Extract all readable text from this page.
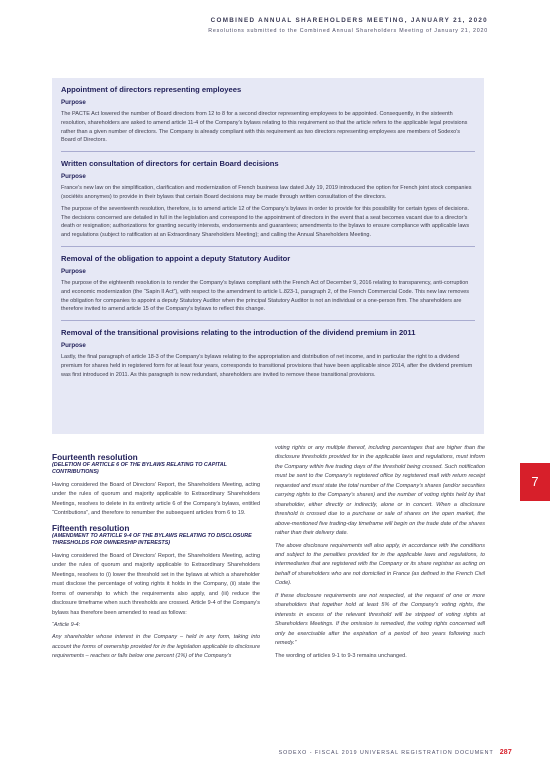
COMBINED ANNUAL SHAREHOLDERS MEETING, JANUARY 21, 2020
Resolutions submitted to the Combined Annual Shareholders Meeting of January 21, 2020
Appointment of directors representing employees
Purpose

The PACTE Act lowered the number of Board directors from 12 to 8 for a second director representing employees to be appointed. Consequently, in the sixteenth resolution, shareholders are asked to amend article 11-4 of the Company’s bylaws relating to this requirement so that the article refers to the applicable legal provisions rather than a given number of directors. The Company is already compliant with this requirement as two directors representing employees are members of Sodexo’s Board of Directors.

Written consultation of directors for certain Board decisions
Purpose

France’s new law on the simplification, clarification and modernization of French business law dated July 19, 2019 introduced the option for French joint stock companies (sociétés anonymes) to provide in their bylaws that certain Board decisions may be made through written consultation of the directors.

The purpose of the seventeenth resolution, therefore, is to amend article 12 of the Company’s bylaws in order to provide for this possibility for certain types of decisions. The decisions concerned are detailed in full in the legislation and correspond to the appointment of directors in the event that a seat becomes vacant due to a director’s death or resignation; authorizations for granting security interests, endorsements and guarantees; amendments to the bylaws to ensure compliance with applicable laws and regulations (subject to ratification at an Extraordinary Shareholders Meeting); and calling the Annual Shareholders Meeting.

Removal of the obligation to appoint a deputy Statutory Auditor
Purpose

The purpose of the eighteenth resolution is to render the Company’s bylaws compliant with the French Act of December 9, 2016 relating to transparency, anti-corruption and economic modernization (the “Sapin II Act”), with respect to the amendment to article L.823-1, paragraph 2, of the French Commercial Code. This new law removes the obligation for companies to appoint a deputy Statutory Auditor when the principal Statutory Auditor is not an individual or a one-person firm. The shareholders are therefore invited to amend article 15 of the Company’s bylaws to reflect this change.

Removal of the transitional provisions relating to the introduction of the dividend premium in 2011
Purpose

Lastly, the final paragraph of article 18-3 of the Company’s bylaws relating to the appropriation and distribution of net income, and in particular the right to a dividend premium for shares held in registered form for at least four years, corresponds to transitional provisions that have been applicable since 2014, after the dividend premium was first introduced in 2011. As this paragraph is now redundant, shareholders are invited to remove these transitional provisions.

Fourteenth resolution
(DELETION OF ARTICLE 6 OF THE BYLAWS RELATING TO CAPITAL CONTRIBUTIONS)

Having considered the Board of Directors’ Report, the Shareholders Meeting, acting under the rules of quorum and majority applicable to Extraordinary Shareholders Meetings, resolves to delete in its entirety article 6 of the Company’s bylaws, entitled “Contributions”, and therefore to renumber the subsequent articles from 6 to 19.

Fifteenth resolution
(AMENDMENT TO ARTICLE 9-4 OF THE BYLAWS RELATING TO DISCLOSURE THRESHOLDS FOR OWNERSHIP INTERESTS)

Having considered the Board of Directors’ Report, the Shareholders Meeting, acting under the rules of quorum and majority applicable to Extraordinary Shareholders Meetings, resolves to (i) lower the threshold set in the bylaws at which a shareholder must disclose the percentage of voting rights it holds in the Company, (ii) state the forms of ownership to which the requirements also apply, and (iii) reduce the disclosure timeframe when such thresholds are crossed. Article 9-4 of the Company’s bylaws has therefore been amended to read as follows:

“Article 9-4:

Any shareholder whose interest in the Company – held in any form, taking into account the forms of ownership provided for in the legislation applicable to disclosure requirements – reaches or falls below one percent (1%) of the Company’s

voting rights or any multiple thereof, including percentages that are higher than the disclosure thresholds provided for in the applicable laws and regulations, must inform the Company within five trading days of the threshold being crossed. Such notification must be sent to the Company’s registered office by registered mail with return receipt requested and must state the total number of the Company’s shares (and/or securities carrying rights to the Company’s shares) and the number of voting rights held by that shareholder, either directly or indirectly, alone or in concert. When a disclosure threshold is crossed due to a purchase or sale of shares on the open market, the above-mentioned five trading-day timeframe will begin on the trade date of the shares rather than their delivery date.

The above disclosure requirements will also apply, in accordance with the conditions and subject to the penalties provided for in the applicable laws and regulations, to intermediaries that are registered with the Company or its share registrar as acting on behalf of shareholders who are not domiciled in France (as defined in the French Civil Code).

If these disclosure requirements are not respected, at the request of one or more shareholders that together hold at least 5% of the Company’s voting rights, the interests in excess of the relevant threshold will be stripped of voting rights at Shareholders Meetings. If the omission is remedied, the voting rights concerned will only be exercisable after the expiration of a period of two years following such remedy.”

The wording of articles 9-1 to 9-3 remains unchanged.

7
SODEXO - FISCAL 2019 UNIVERSAL REGISTRATION DOCUMENT 287
